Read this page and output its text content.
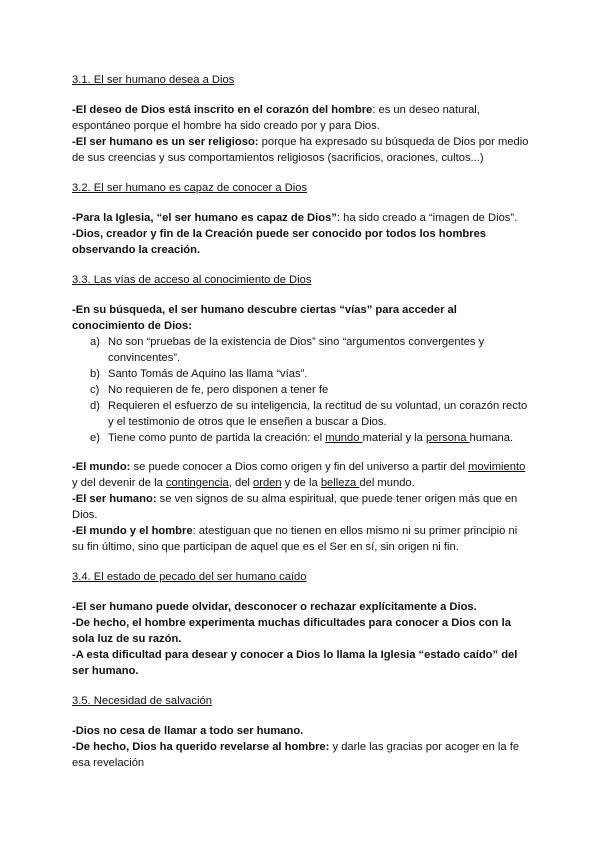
3.1. El ser humano desea a Dios

-El deseo de Dios está inscrito en el corazón del hombre: es un deseo natural, espontáneo porque el hombre ha sido creado por y para Dios.

-El ser humano es un ser religioso: porque ha expresado su búsqueda de Dios por medio de sus creencias y sus comportamientos religiosos (sacrificios, oraciones, cultos...)

3.2. El ser humano es capaz de conocer a Dios

-Para la Iglesia, “el ser humano es capaz de Dios”: ha sido creado a “imagen de Dios”.

-Dios, creador y fin de la Creación puede ser conocido por todos los hombres observando la creación.

3.3. Las vías de acceso al conocimiento de Dios

-En su búsqueda, el ser humano descubre ciertas “vías” para acceder al conocimiento de Dios:

a) No son “pruebas de la existencia de Dios” sino “argumentos convergentes y convincentes”.
b) Santo Tomás de Aquino las llama “vías”.
c) No requieren de fe, pero disponen a tener fe
d) Requieren el esfuerzo de su inteligencia, la rectitud de su voluntad, un corazón recto y el testimonio de otros que le enseñen a buscar a Dios.
e) Tiene como punto de partida la creación: el mundo material y la persona humana.

-El mundo: se puede conocer a Dios como origen y fin del universo a partir del movimiento y del devenir de la contingencia, del orden y de la belleza del mundo.

-El ser humano: se ven signos de su alma espiritual, que puede tener origen más que en Dios.

-El mundo y el hombre: atestiguan que no tienen en ellos mismo ni su primer principio ni su fin último, sino que participan de aquel que es el Ser en sí, sin origen ni fin.

3.4. El estado de pecado del ser humano caído

-El ser humano puede olvidar, desconocer o rechazar explícitamente a Dios.

-De hecho, el hombre experimenta muchas dificultades para conocer a Dios con la sola luz de su razón.

-A esta dificultad para desear y conocer a Dios lo llama la Iglesia “estado caído” del ser humano.

3.5. Necesidad de salvación

-Dios no cesa de llamar a todo ser humano.

-De hecho, Dios ha querido revelarse al hombre: y darle las gracias por acoger en la fe esa revelación
